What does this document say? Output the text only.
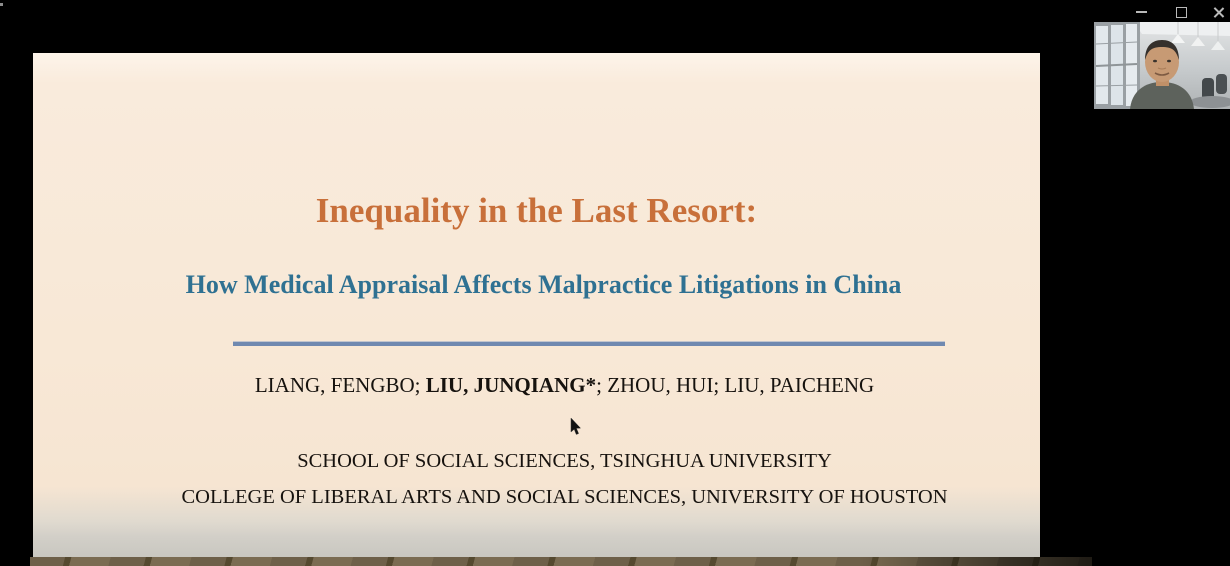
Inequality in the Last Resort:
How Medical Appraisal Affects Malpractice Litigations in China
LIANG, FENGBO; LIU, JUNQIANG*; ZHOU, HUI; LIU, PAICHENG
SCHOOL OF SOCIAL SCIENCES, TSINGHUA UNIVERSITY
COLLEGE OF LIBERAL ARTS AND SOCIAL SCIENCES, UNIVERSITY OF HOUSTON
